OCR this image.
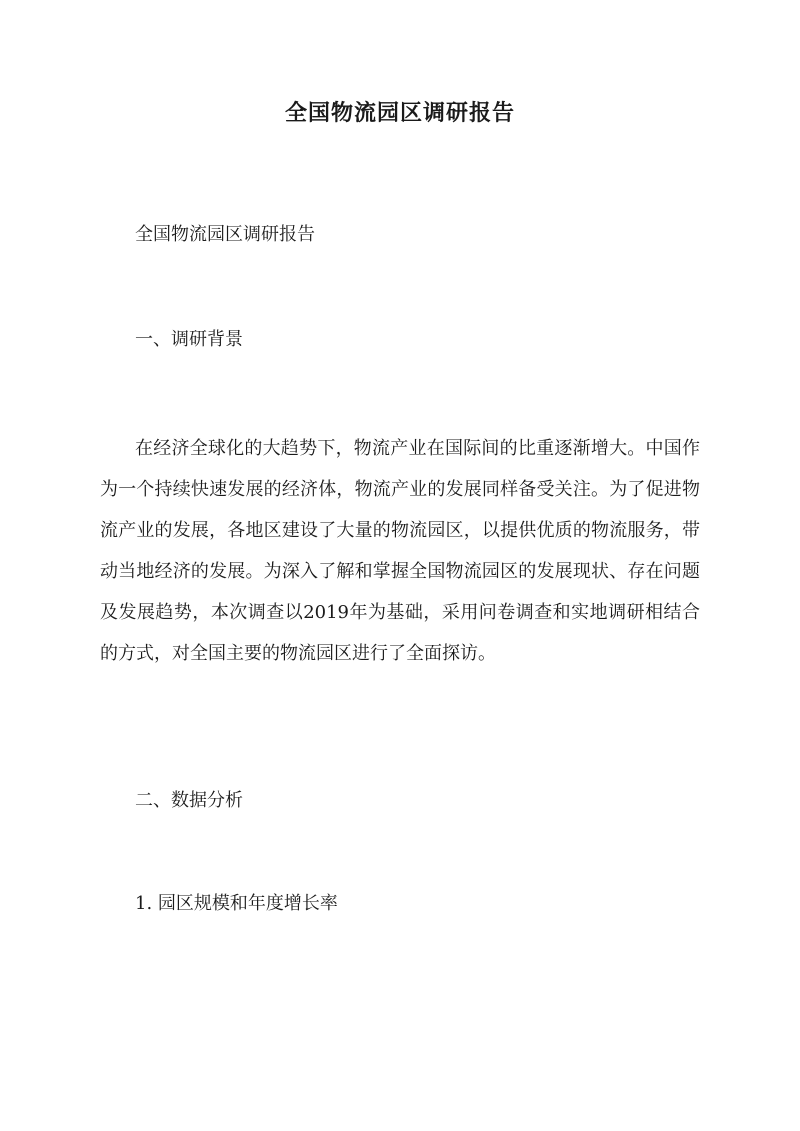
全国物流园区调研报告
全国物流园区调研报告
一、调研背景

在经济全球化的大趋势下，物流产业在国际间的比重逐渐增大。中国作为一个持续快速发展的经济体，物流产业的发展同样备受关注。为了促进物流产业的发展，各地区建设了大量的物流园区，以提供优质的物流服务，带动当地经济的发展。为深入了解和掌握全国物流园区的发展现状、存在问题及发展趋势，本次调查以2019年为基础，采用问卷调查和实地调研相结合的方式，对全国主要的物流园区进行了全面探访。

二、数据分析
1. 园区规模和年度增长率
